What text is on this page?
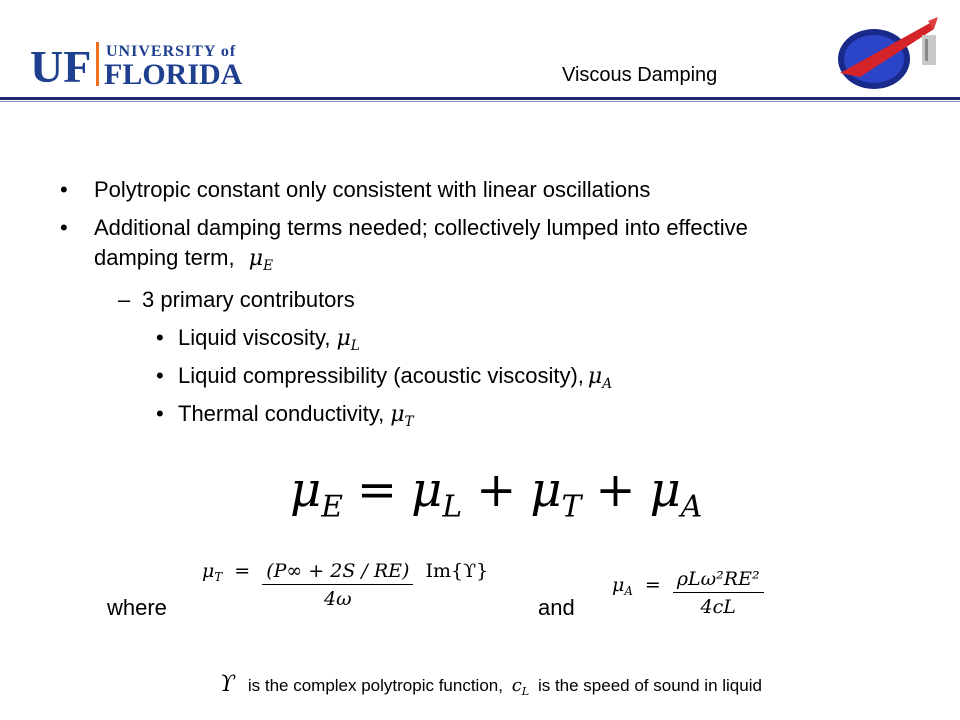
UF UNIVERSITY of
FLORIDA	Viscous Damping
• Polytropic constant only consistent with linear oscillations
• Additional damping terms needed; collectively lumped into effective
damping term, $\mu_E$
– 3 primary contributors
• Liquid viscosity, $\mu_L$
• Liquid compressibility (acoustic viscosity), $\mu_A$
• Thermal conductivity, $\mu_T$
$\mu_E = \mu_L + \mu_T + \mu_A$
where
$\mu_T = \frac{(P\infty + 2S / RE)}{4\omega} Im\{ϒ\}$
and
$\mu_A = \frac{\text{ρLω²RE²}}{4cL}$
ϒ is the complex polytropic function, $c_L$ is the speed of sound in liquid
